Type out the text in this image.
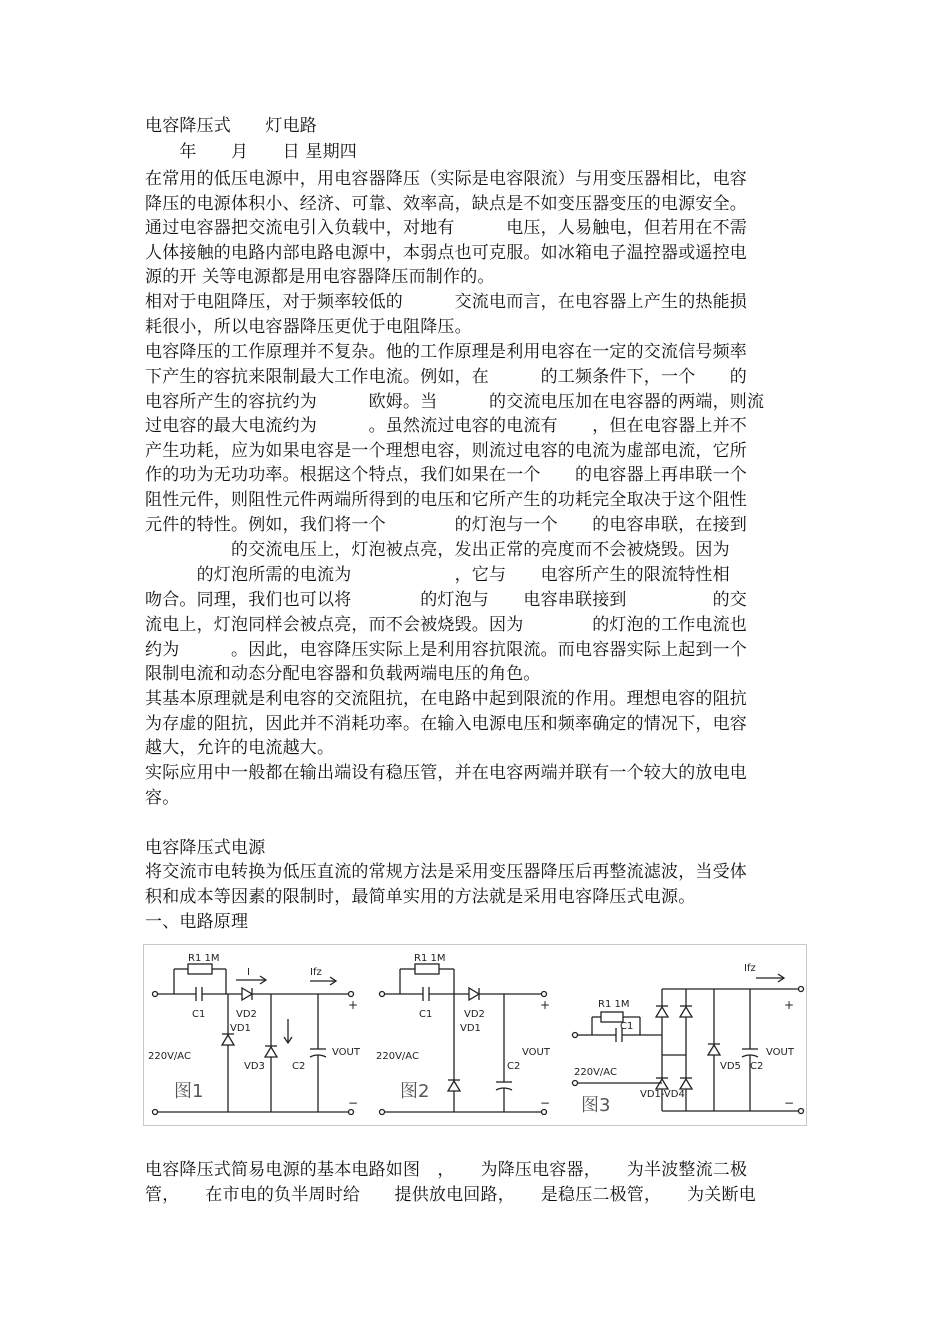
电容降压式　　灯电路
　　年　　月　　日 星期四
在常用的低压电源中，用电容器降压（实际是电容限流）与用变压器相比，电容
降压的电源体积小、经济、可靠、效率高，缺点是不如变压器变压的电源安全。
通过电容器把交流电引入负载中，对地有　　　电压，人易触电，但若用在不需
人体接触的电路内部电路电源中，本弱点也可克服。如冰箱电子温控器或遥控电
源的开 关等电源都是用电容器降压而制作的。
相对于电阻降压，对于频率较低的　　　交流电而言，在电容器上产生的热能损
耗很小，所以电容器降压更优于电阻降压。
电容降压的工作原理并不复杂。他的工作原理是利用电容在一定的交流信号频率
下产生的容抗来限制最大工作电流。例如，在　　　的工频条件下，一个　　的
电容所产生的容抗约为　　　欧姆。当　　　的交流电压加在电容器的两端，则流
过电容的最大电流约为　　　。虽然流过电容的电流有　　，但在电容器上并不
产生功耗，应为如果电容是一个理想电容，则流过电容的电流为虚部电流，它所
作的功为无功功率。根据这个特点，我们如果在一个　　的电容器上再串联一个
阻性元件，则阻性元件两端所得到的电压和它所产生的功耗完全取决于这个阻性
元件的特性。例如，我们将一个　　　　的灯泡与一个　　的电容串联，在接到
　　　　　的交流电压上，灯泡被点亮，发出正常的亮度而不会被烧毁。因为
　　　的灯泡所需的电流为　　　　　　，它与　　电容所产生的限流特性相
吻合。同理，我们也可以将　　　　的灯泡与　　电容串联接到　　　　　的交
流电上，灯泡同样会被点亮，而不会被烧毁。因为　　　　的灯泡的工作电流也
约为　　　。因此，电容降压实际上是利用容抗限流。而电容器实际上起到一个
限制电流和动态分配电容器和负载两端电压的角色。
其基本原理就是利电容的交流阻抗，在电路中起到限流的作用。理想电容的阻抗
为存虚的阻抗，因此并不消耗功率。在输入电源电压和频率确定的情况下，电容
越大，允许的电流越大。
实际应用中一般都在输出端设有稳压管，并在电容两端并联有一个较大的放电电
容。
电容降压式电源
将交流市电转换为低压直流的常规方法是采用变压器降压后再整流滤波，当受体
积和成本等因素的限制时，最简单实用的方法就是采用电容降压式电源。
一、电路原理
R1 1M
C1	VD2
VD1
VD3	C2
220V/AC	VOUT
I	Ifz
+
−
R1 1M
C1	VD2
VD1
C2
220V/AC	VOUT
+
−
R1 1M
C1
VD1-VD4
VD5 C2
220V/AC
VOUT
Ifz
+
−
图1	图2
图3
电容降压式简易电源的基本电路如图　，　　为降压电容器，　　为半波整流二极
管，　　在市电的负半周时给　　提供放电回路，　　是稳压二极管，　　为关断电
